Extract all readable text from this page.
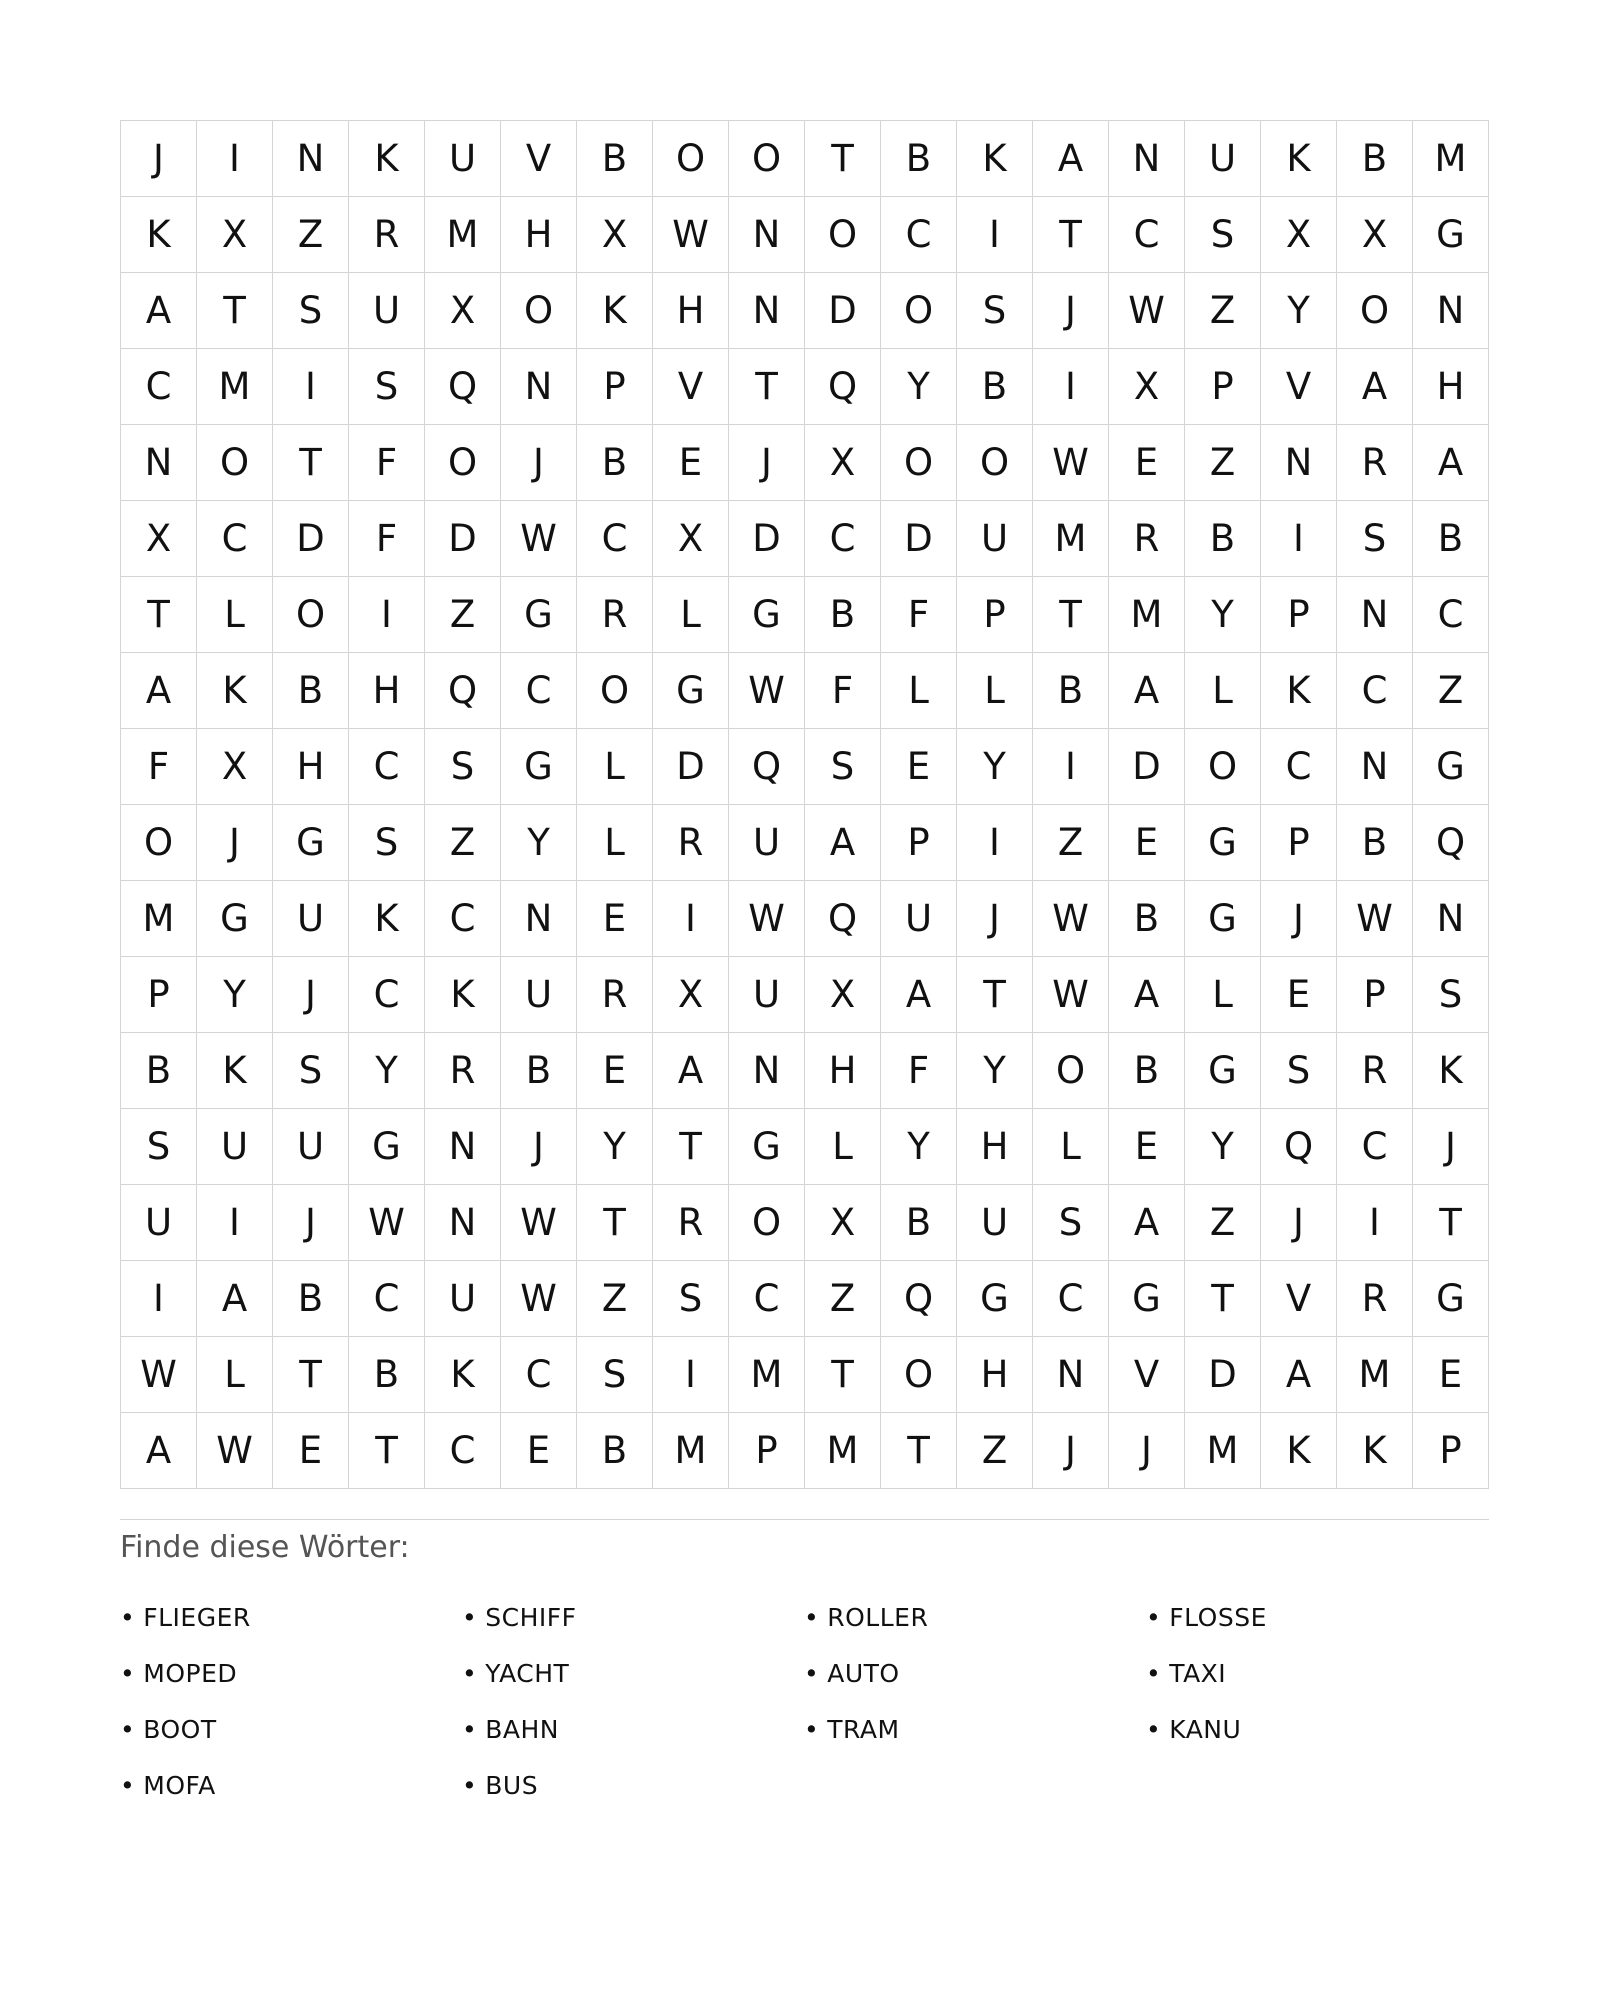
J	I	N	K	U	V	B	O	O	T	B	K	A	N	U	K	B	M
K	X	Z	R	M	H	X	W	N	O	C	I	T	C	S	X	X	G
A	T	S	U	X	O	K	H	N	D	O	S	J	W	Z	Y	O	N
C	M	I	S	Q	N	P	V	T	Q	Y	B	I	X	P	V	A	H
N	O	T	F	O	J	B	E	J	X	O	O	W	E	Z	N	R	A
X	C	D	F	D	W	C	X	D	C	D	U	M	R	B	I	S	B
T	L	O	I	Z	G	R	L	G	B	F	P	T	M	Y	P	N	C
A	K	B	H	Q	C	O	G	W	F	L	L	B	A	L	K	C	Z
F	X	H	C	S	G	L	D	Q	S	E	Y	I	D	O	C	N	G
O	J	G	S	Z	Y	L	R	U	A	P	I	Z	E	G	P	B	Q
M	G	U	K	C	N	E	I	W	Q	U	J	W	B	G	J	W	N
P	Y	J	C	K	U	R	X	U	X	A	T	W	A	L	E	P	S
B	K	S	Y	R	B	E	A	N	H	F	Y	O	B	G	S	R	K
S	U	U	G	N	J	Y	T	G	L	Y	H	L	E	Y	Q	C	J
U	I	J	W	N	W	T	R	O	X	B	U	S	A	Z	J	I	T
I	A	B	C	U	W	Z	S	C	Z	Q	G	C	G	T	V	R	G
W	L	T	B	K	C	S	I	M	T	O	H	N	V	D	A	M	E
A	W	E	T	C	E	B	M	P	M	T	Z	J	J	M	K	K	P
Finde diese Wörter:
• FLIEGER	• SCHIFF	• ROLLER	• FLOSSE
• MOPED	• YACHT	• AUTO	• TAXI
• BOOT	• BAHN	• TRAM	• KANU
• MOFA	• BUS
